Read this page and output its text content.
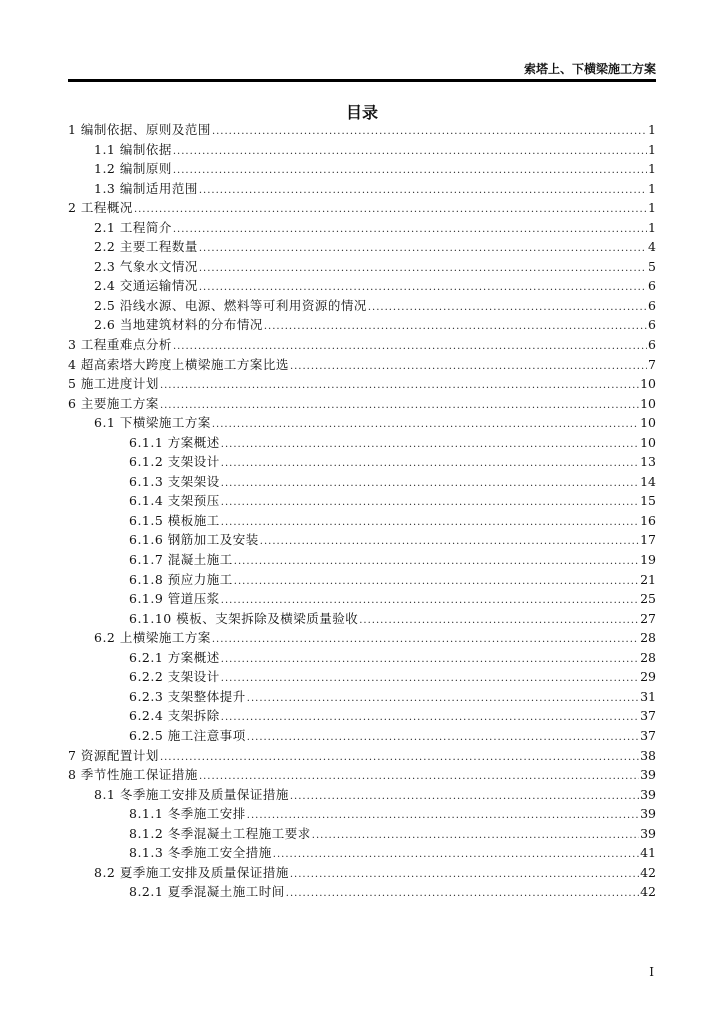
索塔上、下横梁施工方案
目录
1 编制依据、原则及范围 .....	1
1.1 编制依据 .....	1
1.2 编制原则 .....	1
1.3 编制适用范围 .....	1
2 工程概况 .....	1
2.1 工程简介 .....	1
2.2 主要工程数量 .....	4
2.3 气象水文情况 .....	5
2.4 交通运输情况 .....	6
2.5 沿线水源、电源、燃料等可利用资源的情况 .....	6
2.6 当地建筑材料的分布情况 .....	6
3 工程重难点分析 .....	6
4 超高索塔大跨度上横梁施工方案比选 .....	7
5 施工进度计划 .....	10
6 主要施工方案 .....	10
6.1 下横梁施工方案 .....	10
6.1.1 方案概述 .....	10
6.1.2 支架设计 .....	13
6.1.3 支架架设 .....	14
6.1.4 支架预压 .....	15
6.1.5 模板施工 .....	16
6.1.6 钢筋加工及安装 .....	17
6.1.7 混凝土施工 .....	19
6.1.8 预应力施工 .....	21
6.1.9 管道压浆 .....	25
6.1.10 模板、支架拆除及横梁质量验收 .....	27
6.2 上横梁施工方案 .....	28
6.2.1 方案概述 .....	28
6.2.2 支架设计 .....	29
6.2.3 支架整体提升 .....	31
6.2.4 支架拆除 .....	37
6.2.5 施工注意事项 .....	37
7 资源配置计划 .....	38
8 季节性施工保证措施 .....	39
8.1 冬季施工安排及质量保证措施 .....	39
8.1.1 冬季施工安排 .....	39
8.1.2 冬季混凝土工程施工要求 .....	39
8.1.3 冬季施工安全措施 .....	41
8.2 夏季施工安排及质量保证措施 .....	42
8.2.1 夏季混凝土施工时间 .....	42
I
